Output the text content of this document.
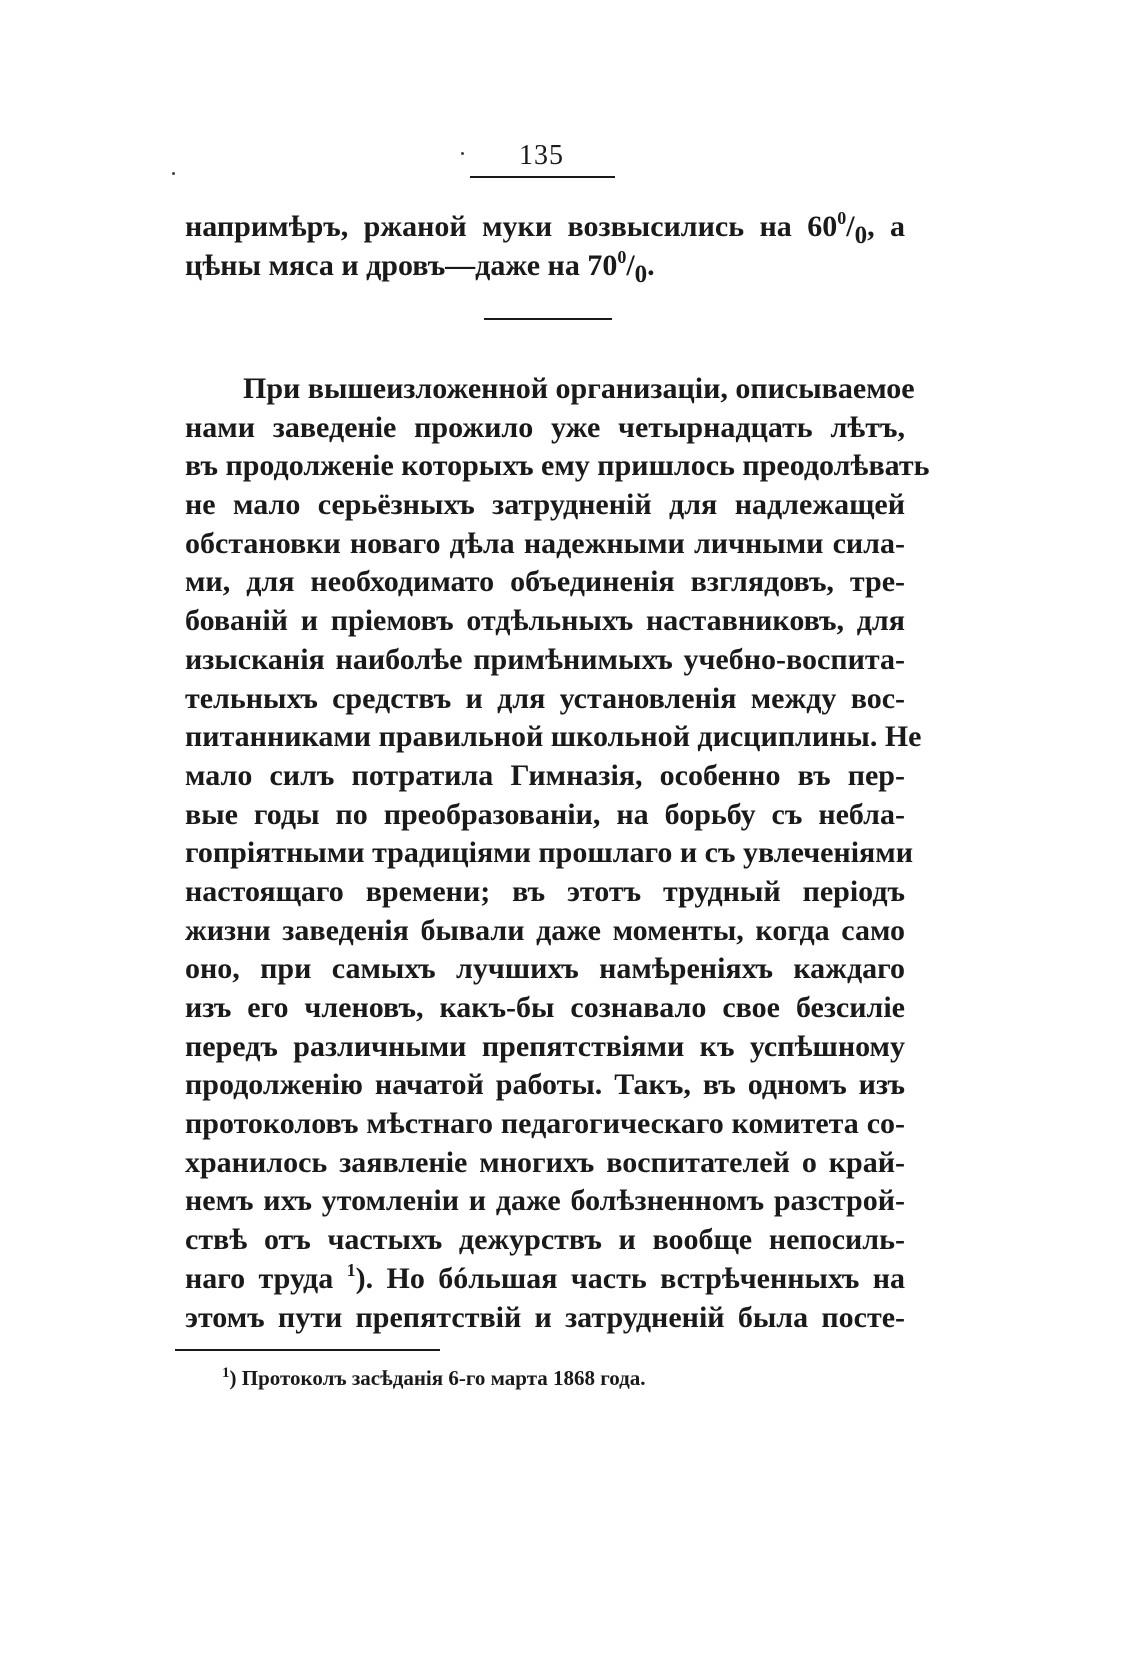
135
напримѣръ, ржаной муки возвысились на $60^0/_0$, а
цѣны мяса и дровъ—даже на $70^0/_0$.
При вышеизложенной организаціи, описываемое
нами заведеніе прожило уже четырнадцать лѣтъ,
въ продолженіе которыхъ ему пришлось преодолѣвать
не мало серьёзныхъ затрудненій для надлежащей
обстановки новаго дѣла надежными личными сила-
ми, для необходимато объединенія взглядовъ, тре-
бованій и пріемовъ отдѣльныхъ наставниковъ, для
изысканія наиболѣе примѣнимыхъ учебно-воспита-
тельныхъ средствъ и для установленія между вос-
питанниками правильной школьной дисциплины. Не
мало силъ потратила Гимназія, особенно въ пер-
вые годы по преобразованіи, на борьбу съ небла-
гопріятными традиціями прошлаго и съ увлеченіями
настоящаго времени; въ этотъ трудный періодъ
жизни заведенія бывали даже моменты, когда само
оно, при самыхъ лучшихъ намѣреніяхъ каждаго
изъ его членовъ, какъ-бы сознавало свое безсиліе
передъ различными препятствіями къ успѣшному
продолженію начатой работы. Такъ, въ одномъ изъ
протоколовъ мѣстнаго педагогическаго комитета со-
хранилось заявленіе многихъ воспитателей о край-
немъ ихъ утомленіи и даже болѣзненномъ разстрой-
ствѣ отъ частыхъ дежурствъ и вообще непосиль-
наго труда $^1$). Но бóльшая часть встрѣченныхъ на
этомъ пути препятствій и затрудненій была посте-
$^1$) Протоколъ засѣданія 6-го марта 1868 года.
